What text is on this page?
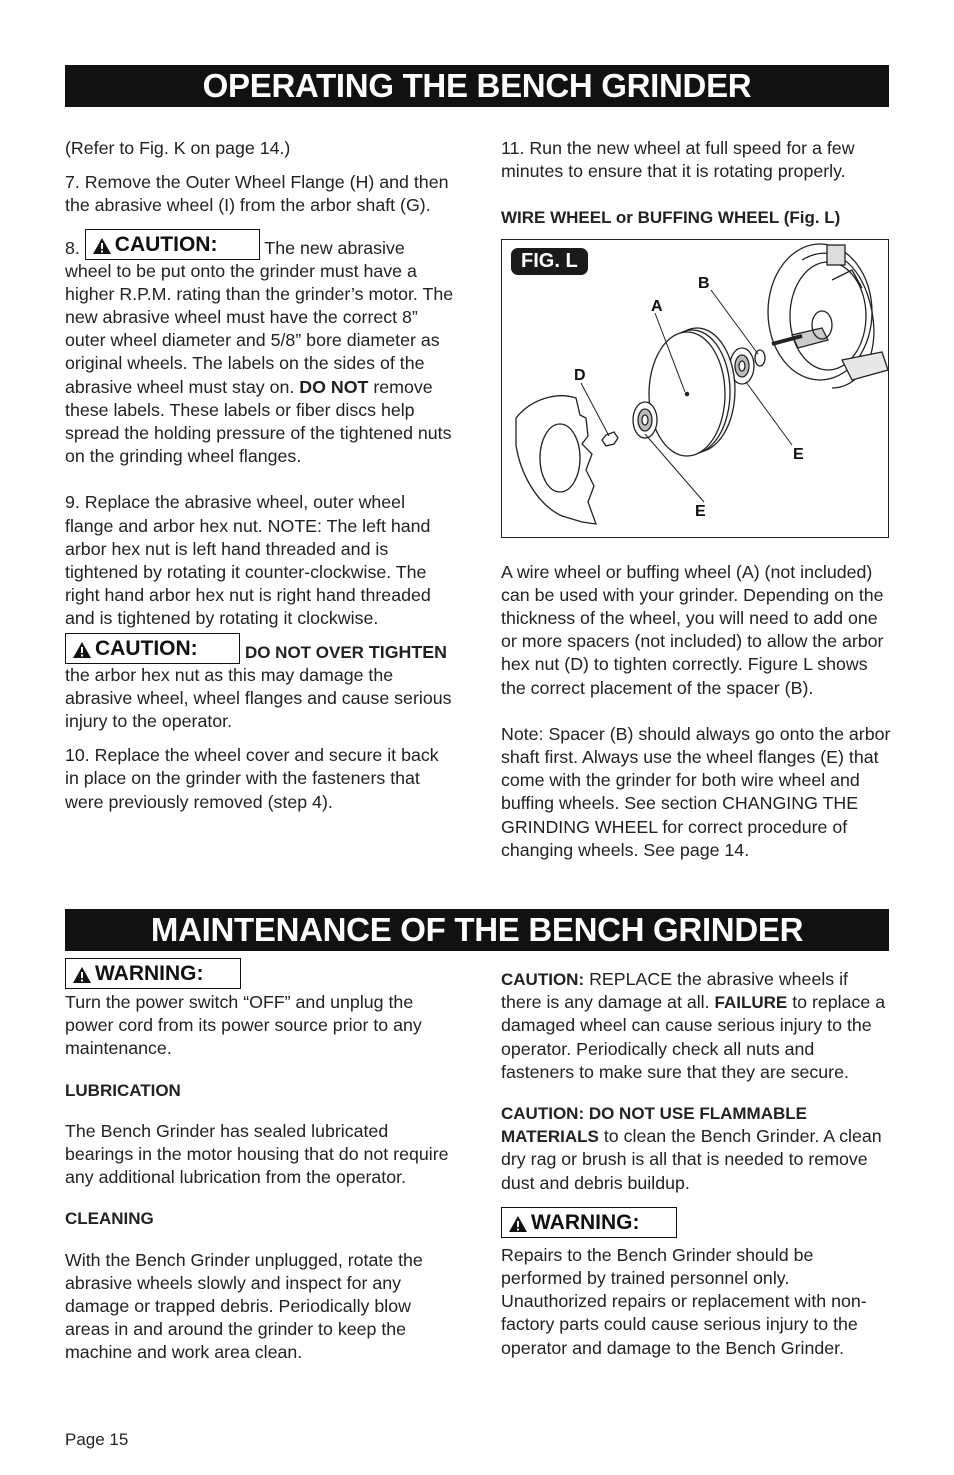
OPERATING THE BENCH GRINDER

(Refer to Fig. K on page 14.)

7. Remove the Outer Wheel Flange (H) and then the abrasive wheel (I) from the arbor shaft (G).

8. CAUTION:	The new abrasive wheel to be put onto the grinder must have a higher R.P.M. rating than the grinder’s motor. The new abrasive wheel must have the correct 8” outer wheel diameter and 5/8” bore diameter as original wheels. The labels on the sides of the abrasive wheel must stay on. DO NOT remove these labels. These labels or fiber discs help spread the holding pressure of the tightened nuts on the grinding wheel flanges.

9. Replace the abrasive wheel, outer wheel flange and arbor hex nut. NOTE: The left hand arbor hex nut is left hand threaded and is tightened by rotating it counter-clockwise. The right hand arbor hex nut is right hand threaded and is tightened by rotating it clockwise.

CAUTION:	DO NOT OVER TIGHTEN the arbor hex nut as this may damage the abrasive wheel, wheel flanges and cause serious injury to the operator.

10. Replace the wheel cover and secure it back in place on the grinder with the fasteners that were previously removed (step 4).

11. Run the new wheel at full speed for a few minutes to ensure that it is rotating properly.

WIRE WHEEL or BUFFING WHEEL (Fig. L)
FIG. L
A
B
D
E
E

A wire wheel or buffing wheel (A) (not included) can be used with your grinder. Depending on the thickness of the wheel, you will need to add one or more spacers (not included) to allow the arbor hex nut (D) to tighten correctly. Figure L shows the correct placement of the spacer (B).

Note: Spacer (B) should always go onto the arbor shaft first. Always use the wheel flanges (E) that come with the grinder for both wire wheel and buffing wheels. See section CHANGING THE GRINDING WHEEL for correct procedure of changing wheels. See page 14.

MAINTENANCE OF THE BENCH GRINDER
WARNING:

Turn the power switch “OFF” and unplug the power cord from its power source prior to any maintenance.

LUBRICATION

The Bench Grinder has sealed lubricated bearings in the motor housing that do not require any additional lubrication from the operator.

CLEANING

With the Bench Grinder unplugged, rotate the abrasive wheels slowly and inspect for any damage or trapped debris. Periodically blow areas in and around the grinder to keep the machine and work area clean.

CAUTION: REPLACE the abrasive wheels if there is any damage at all. FAILURE to replace a damaged wheel can cause serious injury to the operator. Periodically check all nuts and fasteners to make sure that they are secure.

CAUTION: DO NOT USE FLAMMABLE MATERIALS to clean the Bench Grinder. A clean dry rag or brush is all that is needed to remove dust and debris buildup.

WARNING:

Repairs to the Bench Grinder should be performed by trained personnel only. Unauthorized repairs or replacement with non-factory parts could cause serious injury to the operator and damage to the Bench Grinder.

Page 15
